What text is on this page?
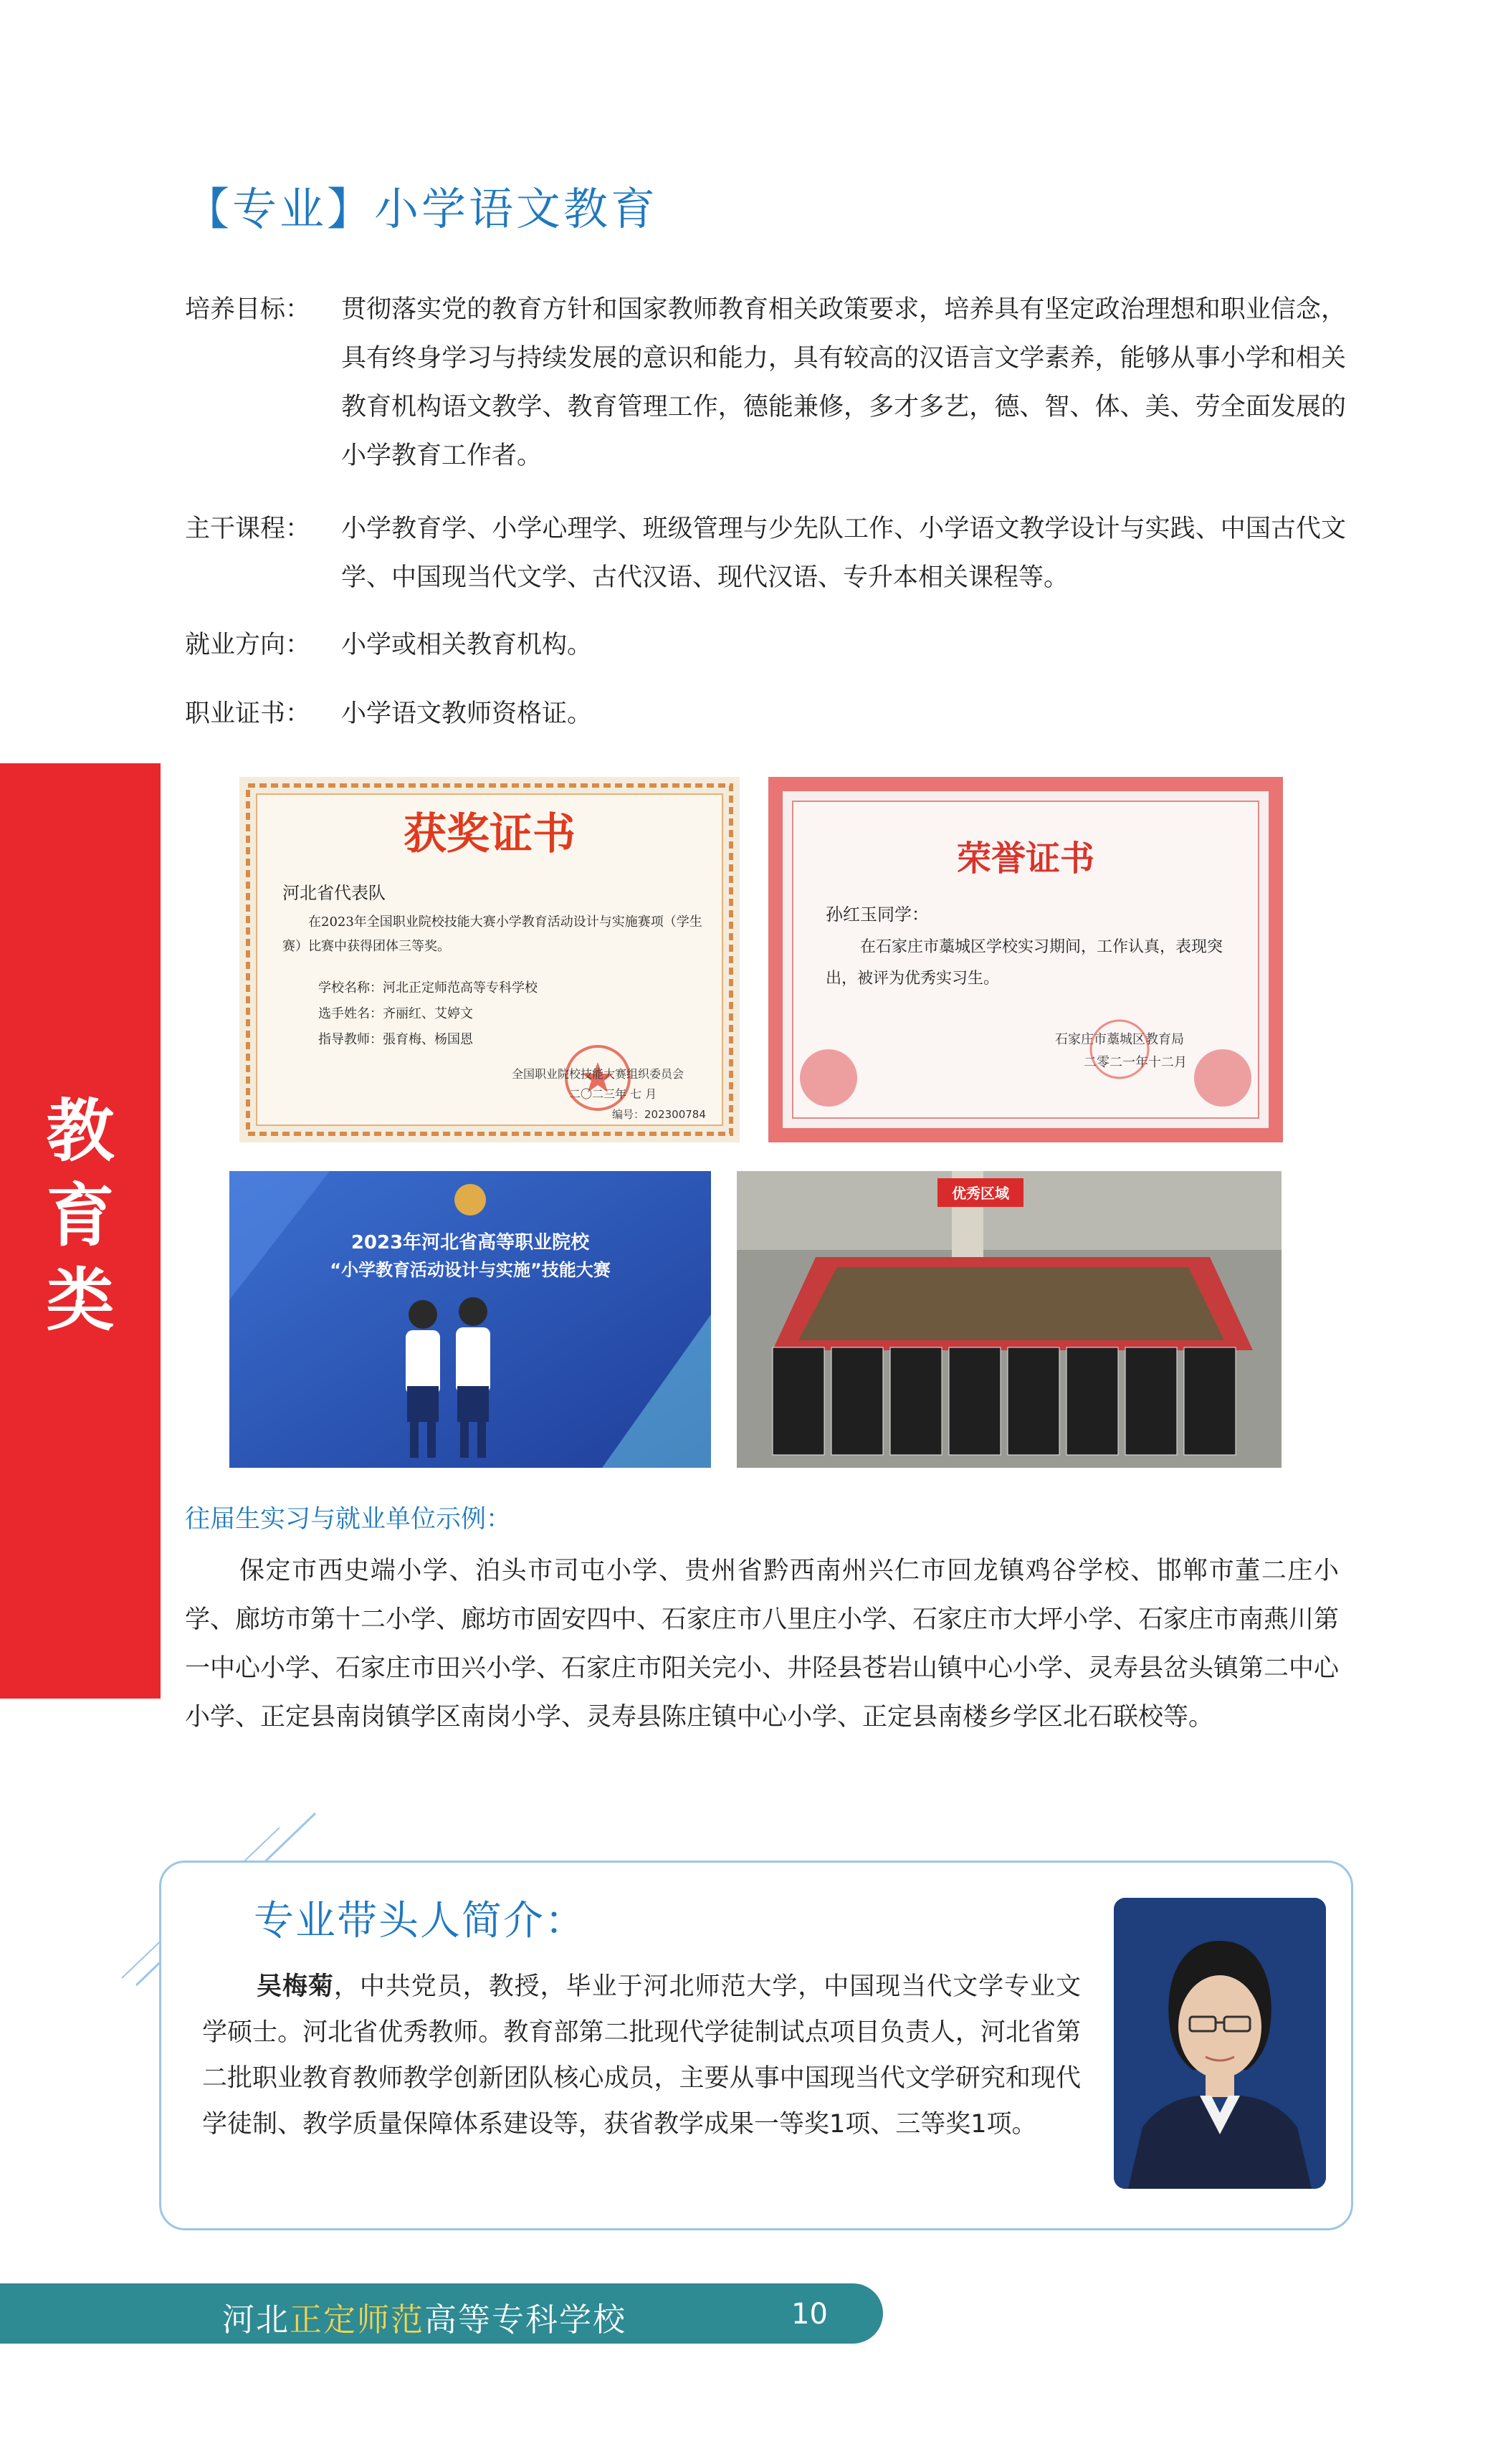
【专业】小学语文教育
培养目标：	贯彻落实党的教育方针和国家教师教育相关政策要求，培养具有坚定政治理想和职业信念，具有终身学习与持续发展的意识和能力，具有较高的汉语言文学素养，能够从事小学和相关教育机构语文教学、教育管理工作，德能兼修，多才多艺，德、智、体、美、劳全面发展的小学教育工作者。
主干课程：	小学教育学、小学心理学、班级管理与少先队工作、小学语文教学设计与实践、中国古代文学、中国现当代文学、古代汉语、现代汉语、专升本相关课程等。
就业方向：	小学或相关教育机构。
职业证书：	小学语文教师资格证。
教育类
获奖证书
河北省代表队
在2023年全国职业院校技能大赛小学教育活动设计与实施赛项（学生赛）比赛中获得团体三等奖。
学校名称：河北正定师范高等专科学校
选手姓名：齐丽红、艾婷文
指导教师：張育梅、杨国恩
全国职业院校技能大赛组织委员会
二〇二三年 七 月
编号：202300784
荣誉证书
孙红玉同学：
在石家庄市藁城区学校实习期间，工作认真，表现突出，被评为优秀实习生。
石家庄市藁城区教育局
二零二一年十二月
2023年河北省高等职业院校
“小学教育活动设计与实施”技能大赛
优秀区域
往届生实习与就业单位示例：
保定市西史端小学、泊头市司屯小学、贵州省黔西南州兴仁市回龙镇鸡谷学校、邯郸市董二庄小学、廊坊市第十二小学、廊坊市固安四中、石家庄市八里庄小学、石家庄市大坪小学、石家庄市南燕川第一中心小学、石家庄市田兴小学、石家庄市阳关完小、井陉县苍岩山镇中心小学、灵寿县岔头镇第二中心小学、正定县南岗镇学区南岗小学、灵寿县陈庄镇中心小学、正定县南楼乡学区北石联校等。
专业带头人简介：
吴梅菊，中共党员，教授，毕业于河北师范大学，中国现当代文学专业文学硕士。河北省优秀教师。教育部第二批现代学徒制试点项目负责人，河北省第二批职业教育教师教学创新团队核心成员，主要从事中国现当代文学研究和现代学徒制、教学质量保障体系建设等，获省教学成果一等奖1项、三等奖1项。
河北正定师范高等专科学校	10
